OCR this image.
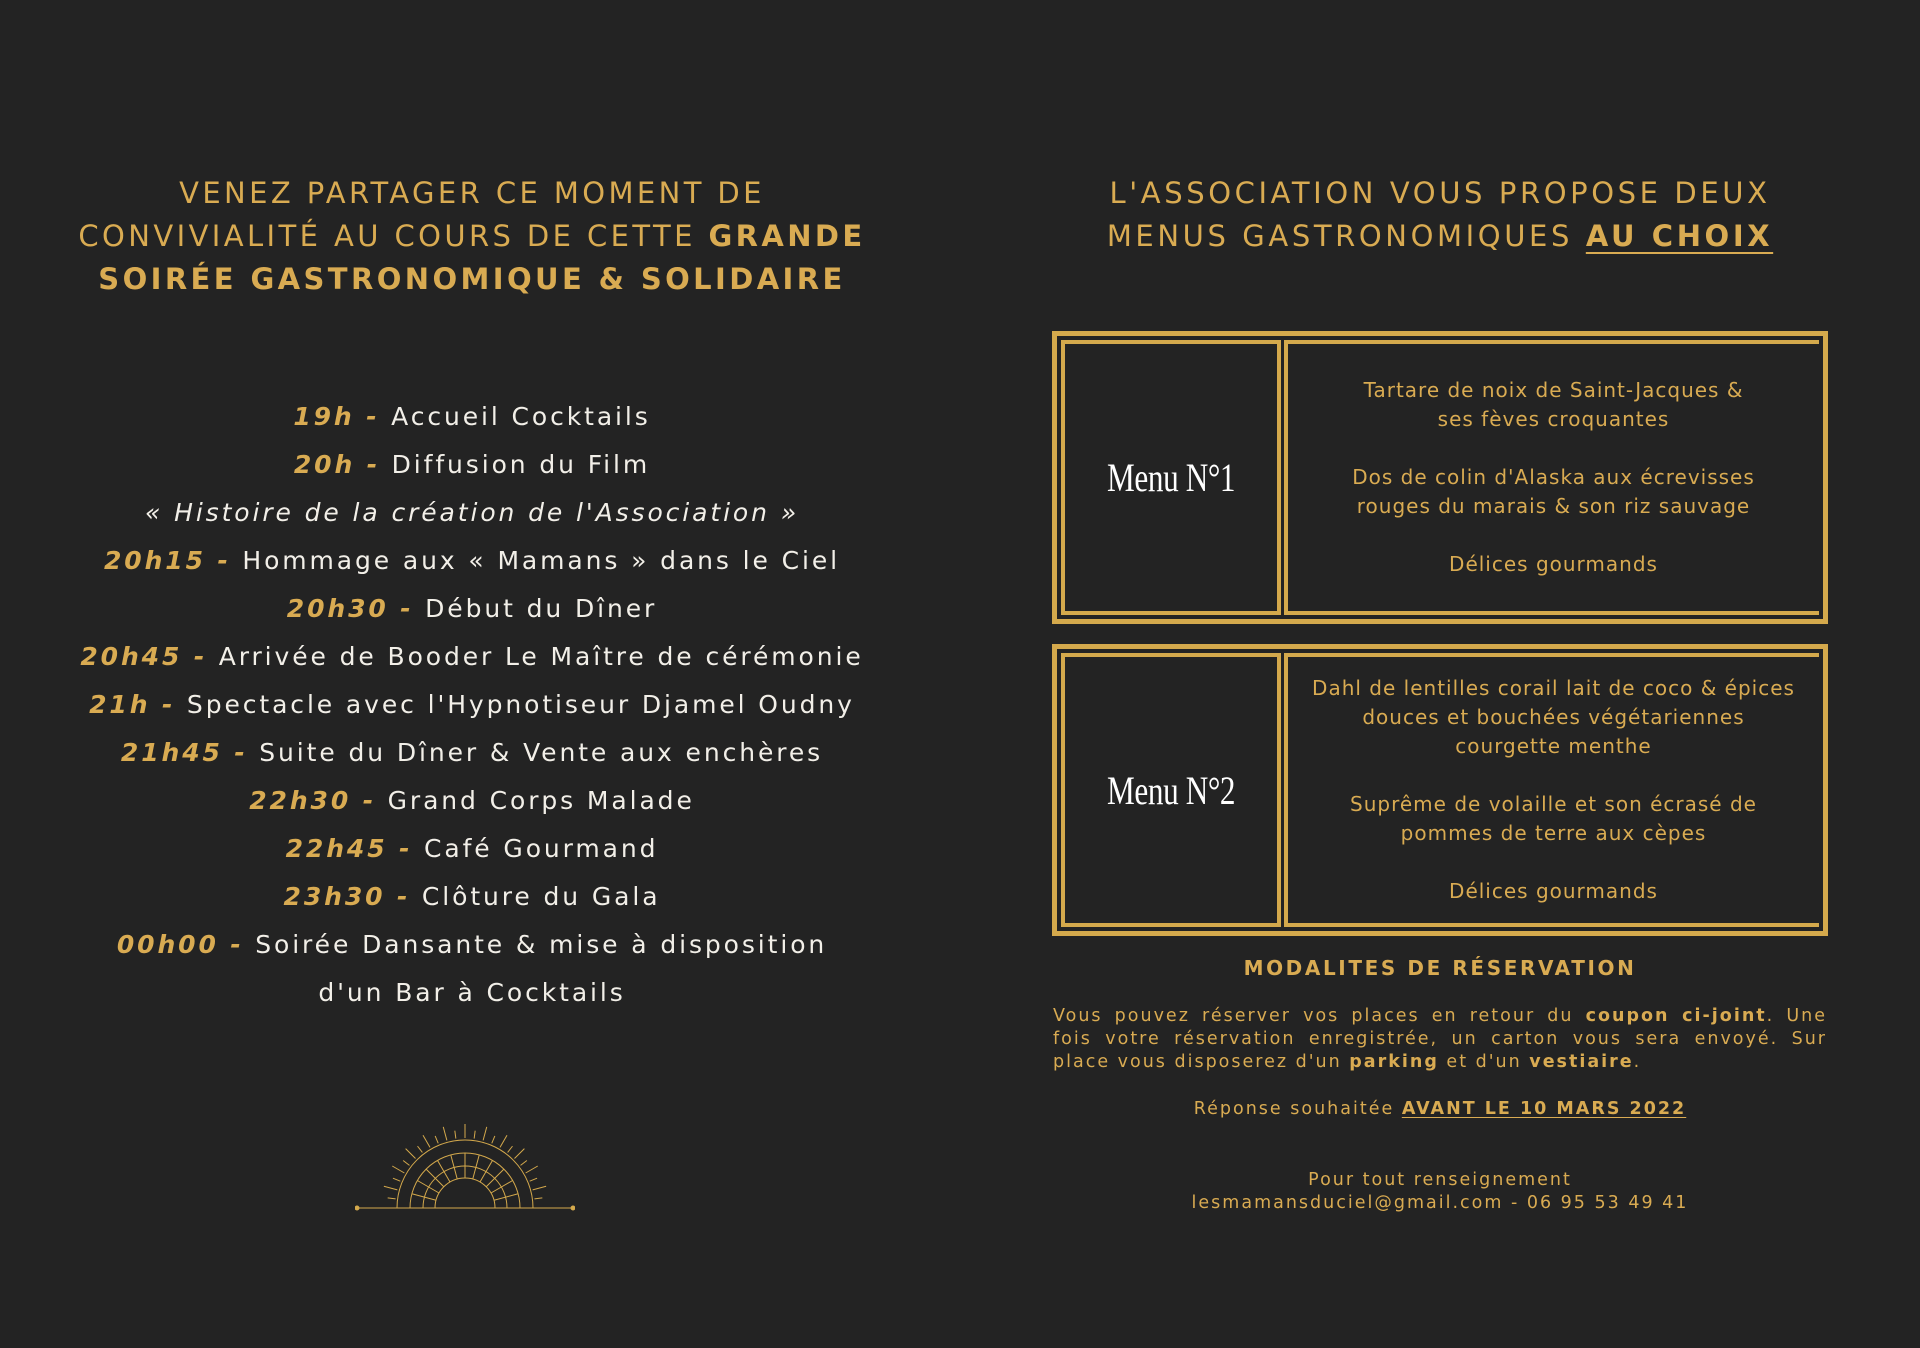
VENEZ PARTAGER CE MOMENT DE
CONVIVIALITÉ AU COURS DE CETTE GRANDE
SOIRÉE GASTRONOMIQUE & SOLIDAIRE
19h - Accueil Cocktails
20h - Diffusion du Film
« Histoire de la création de l'Association »
20h15 - Hommage aux « Mamans » dans le Ciel
20h30 - Début du Dîner
20h45 - Arrivée de Booder Le Maître de cérémonie
21h - Spectacle avec l'Hypnotiseur Djamel Oudny
21h45 - Suite du Dîner & Vente aux enchères
22h30 - Grand Corps Malade
22h45 - Café Gourmand
23h30 - Clôture du Gala
00h00 - Soirée Dansante & mise à disposition
d'un Bar à Cocktails
L'ASSOCIATION VOUS PROPOSE DEUX
MENUS GASTRONOMIQUES AU CHOIX
Menu N°1
Tartare de noix de Saint-Jacques & ses fèves croquantes
Dos de colin d'Alaska aux écrevisses rouges du marais & son riz sauvage
Délices gourmands
Menu N°2
Dahl de lentilles corail lait de coco & épices douces et bouchées végétariennes courgette menthe
Suprême de volaille et son écrasé de pommes de terre aux cèpes
Délices gourmands
MODALITES DE RÉSERVATION
Vous pouvez réserver vos places en retour du coupon ci-joint. Une fois votre réservation enregistrée, un carton vous sera envoyé. Sur place vous disposerez d'un parking et d'un vestiaire.
Réponse souhaitée AVANT LE 10 MARS 2022
Pour tout renseignement
lesmamansduciel@gmail.com - 06 95 53 49 41
